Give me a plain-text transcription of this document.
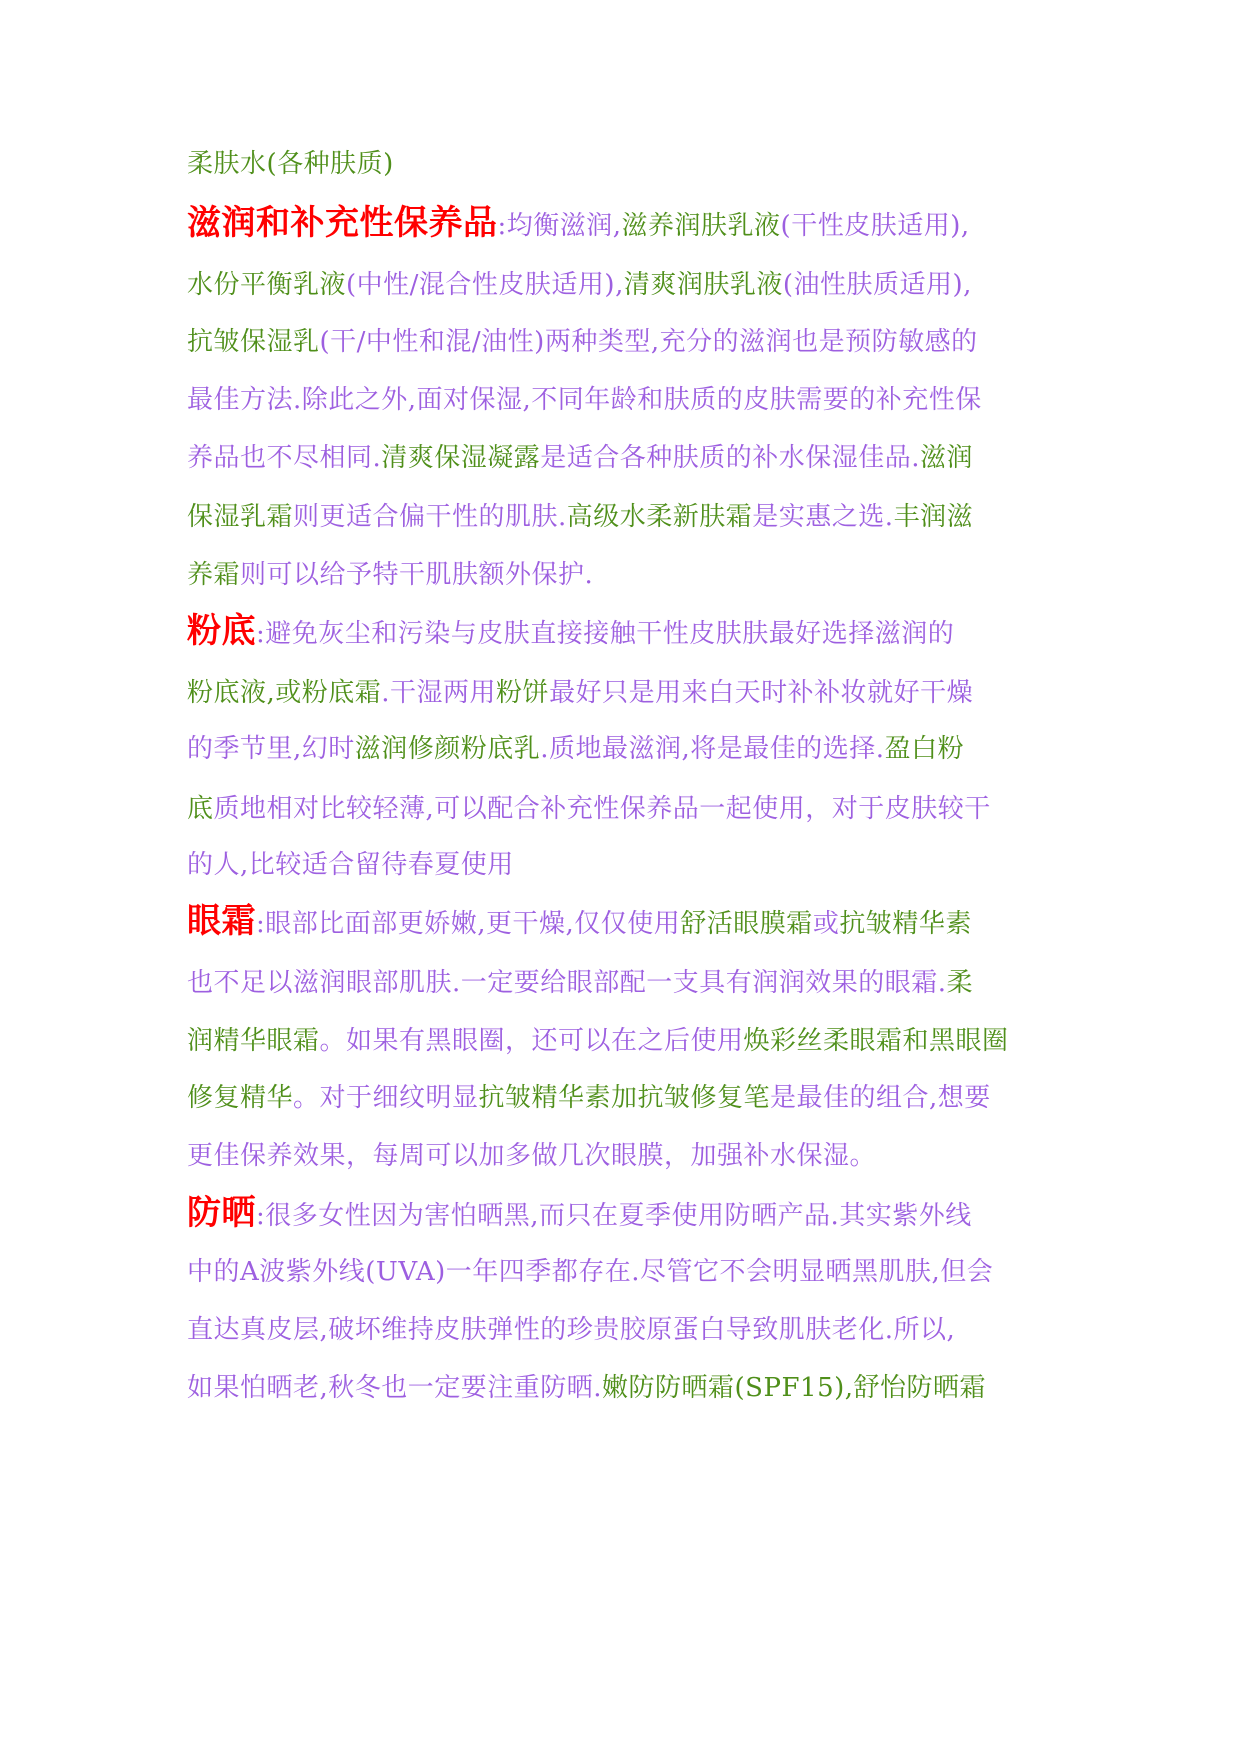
柔肤水(各种肤质)
滋润和补充性保养品:均衡滋润,滋养润肤乳液(干性皮肤适用),
水份平衡乳液(中性/混合性皮肤适用),清爽润肤乳液(油性肤质适用),
抗皱保湿乳(干/中性和混/油性)两种类型,充分的滋润也是预防敏感的
最佳方法.除此之外,面对保湿,不同年龄和肤质的皮肤需要的补充性保
养品也不尽相同.清爽保湿凝露是适合各种肤质的补水保湿佳品.滋润
保湿乳霜则更适合偏干性的肌肤.高级水柔新肤霜是实惠之选.丰润滋
养霜则可以给予特干肌肤额外保护.
粉底:避免灰尘和污染与皮肤直接接触干性皮肤肤最好选择滋润的
粉底液,或粉底霜.干湿两用粉饼最好只是用来白天时补补妆就好干燥
的季节里,幻时滋润修颜粉底乳.质地最滋润,将是最佳的选择.盈白粉
底质地相对比较轻薄,可以配合补充性保养品一起使用，对于皮肤较干
的人,比较适合留待春夏使用
眼霜:眼部比面部更娇嫩,更干燥,仅仅使用舒活眼膜霜或抗皱精华素
也不足以滋润眼部肌肤.一定要给眼部配一支具有润润效果的眼霜.柔
润精华眼霜。如果有黑眼圈，还可以在之后使用焕彩丝柔眼霜和黑眼圈
修复精华。对于细纹明显抗皱精华素加抗皱修复笔是最佳的组合,想要
更佳保养效果，每周可以加多做几次眼膜，加强补水保湿。
防晒:很多女性因为害怕晒黑,而只在夏季使用防晒产品.其实紫外线
中的A波紫外线(UVA)一年四季都存在.尽管它不会明显晒黑肌肤,但会
直达真皮层,破坏维持皮肤弹性的珍贵胶原蛋白导致肌肤老化.所以,
如果怕晒老,秋冬也一定要注重防晒.嫩防防晒霜(SPF15),舒怡防晒霜
